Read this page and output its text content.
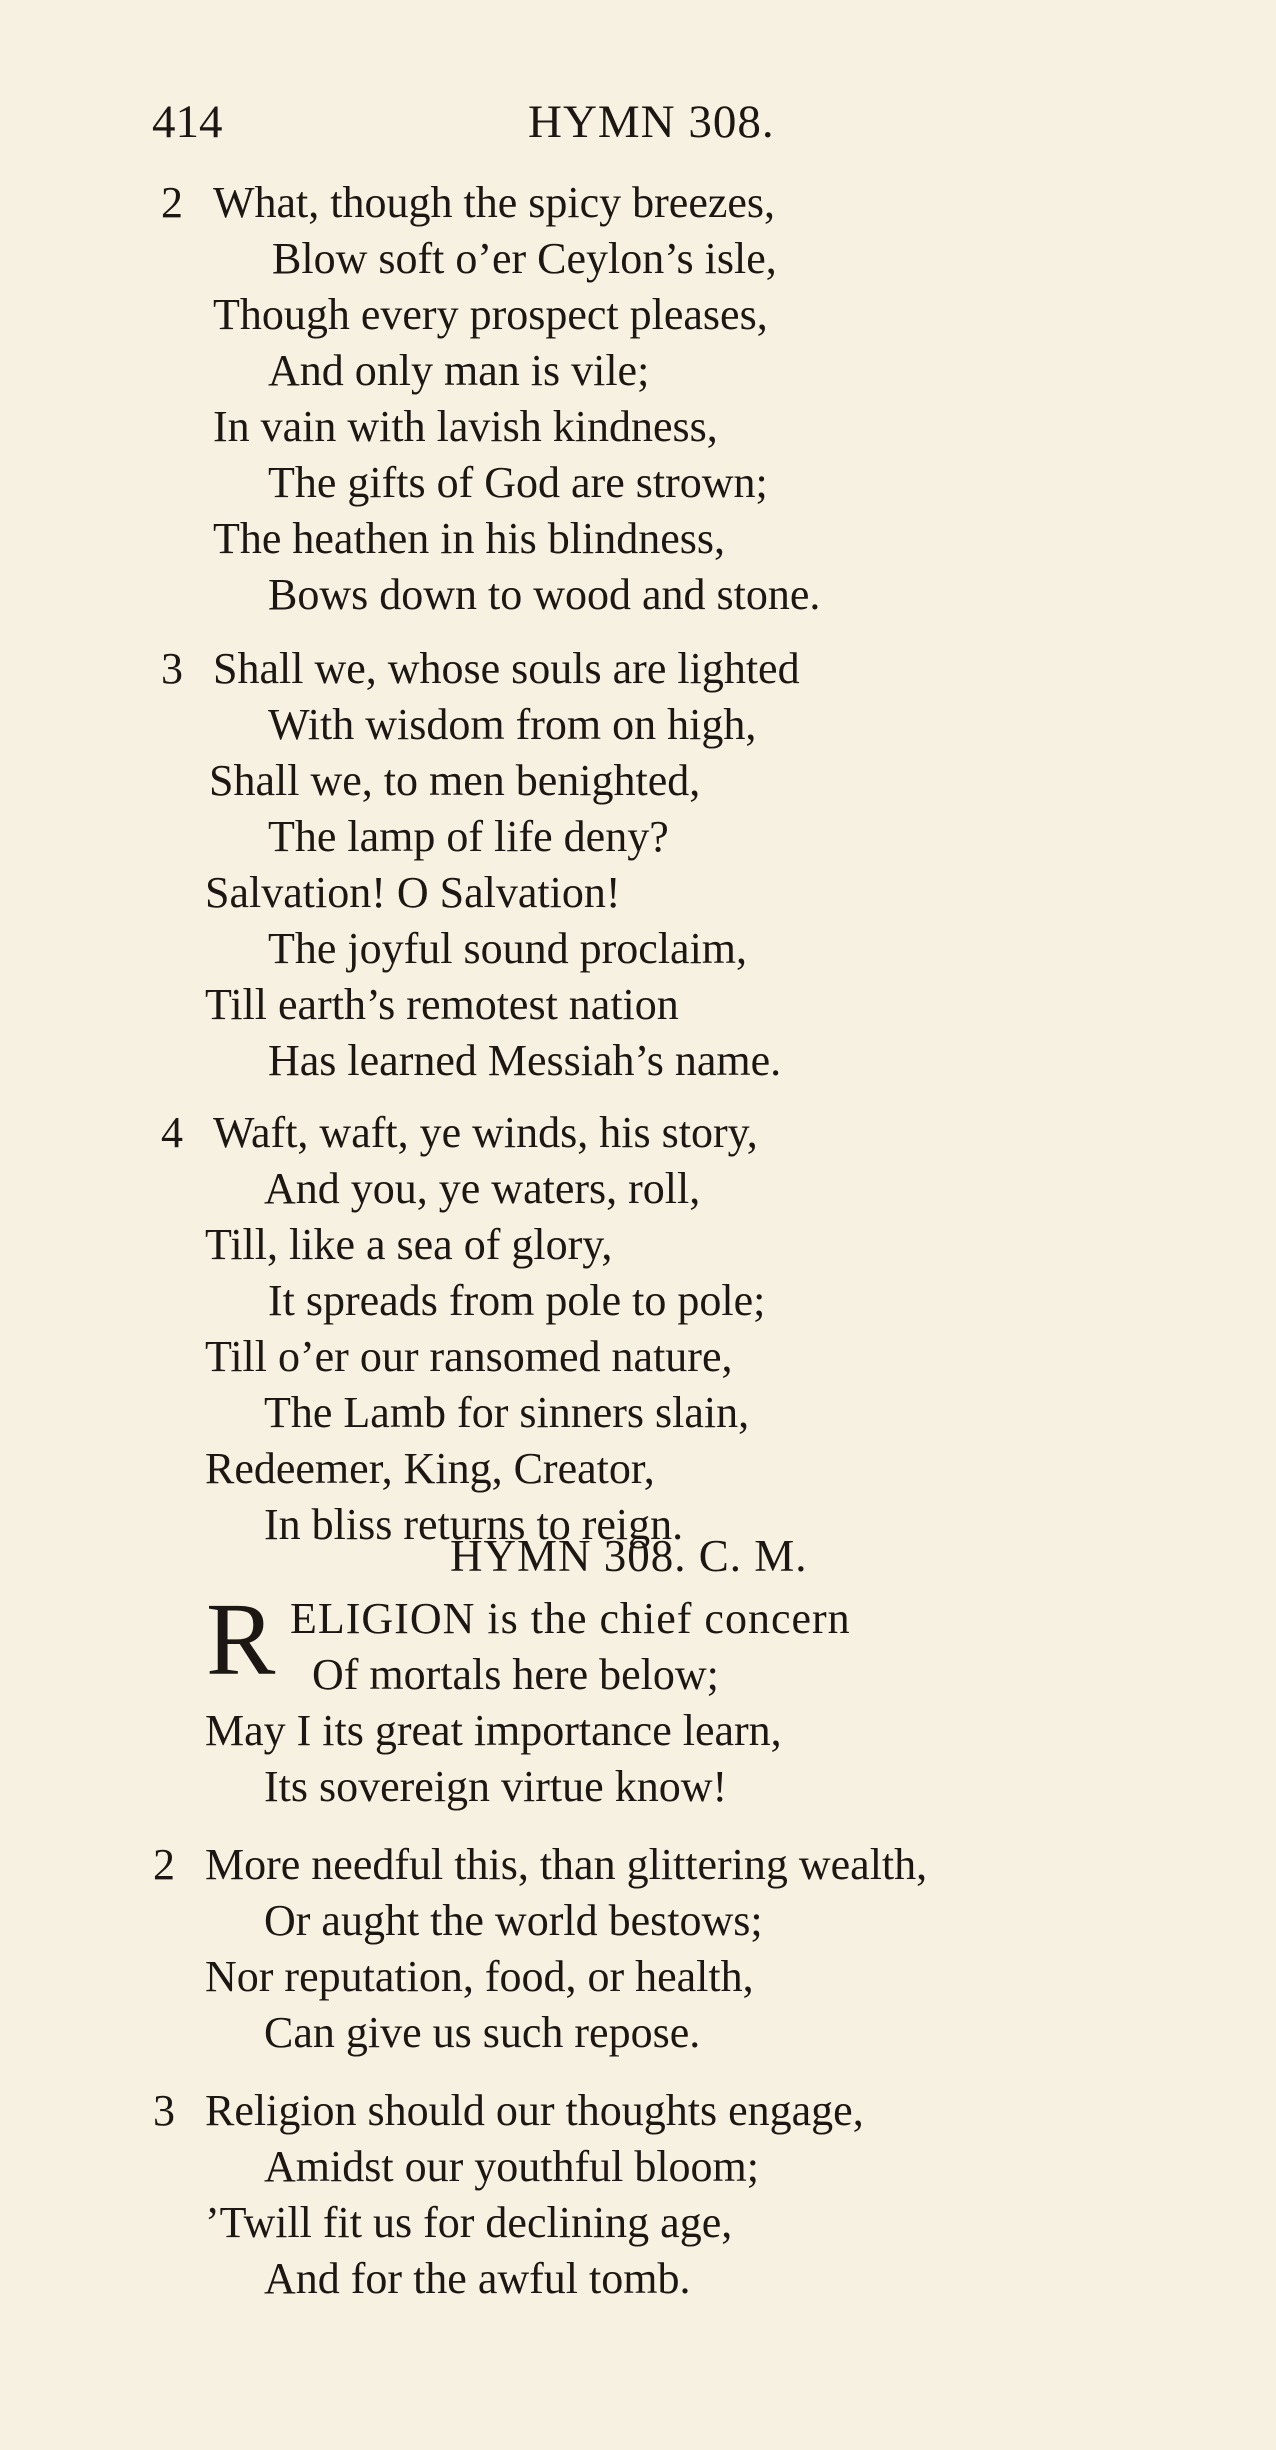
414	HYMN 308.
2 What, though the spicy breezes,
Blow soft o’er Ceylon’s isle,
Though every prospect pleases,
And only man is vile;
In vain with lavish kindness,
The gifts of God are strown;
The heathen in his blindness,
Bows down to wood and stone.
3 Shall we, whose souls are lighted
With wisdom from on high,
Shall we, to men benighted,
The lamp of life deny?
Salvation! O Salvation!
The joyful sound proclaim,
Till earth’s remotest nation
Has learned Messiah’s name.
4 Waft, waft, ye winds, his story,
And you, ye waters, roll,
Till, like a sea of glory,
It spreads from pole to pole;
Till o’er our ransomed nature,
The Lamb for sinners slain,
Redeemer, King, Creator,
In bliss returns to reign.
HYMN 308. C. M.
R ELIGION is the chief concern
Of mortals here below;
May I its great importance learn,
Its sovereign virtue know!
2 More needful this, than glittering wealth,
Or aught the world bestows;
Nor reputation, food, or health,
Can give us such repose.
3 Religion should our thoughts engage,
Amidst our youthful bloom;
’Twill fit us for declining age,
And for the awful tomb.
